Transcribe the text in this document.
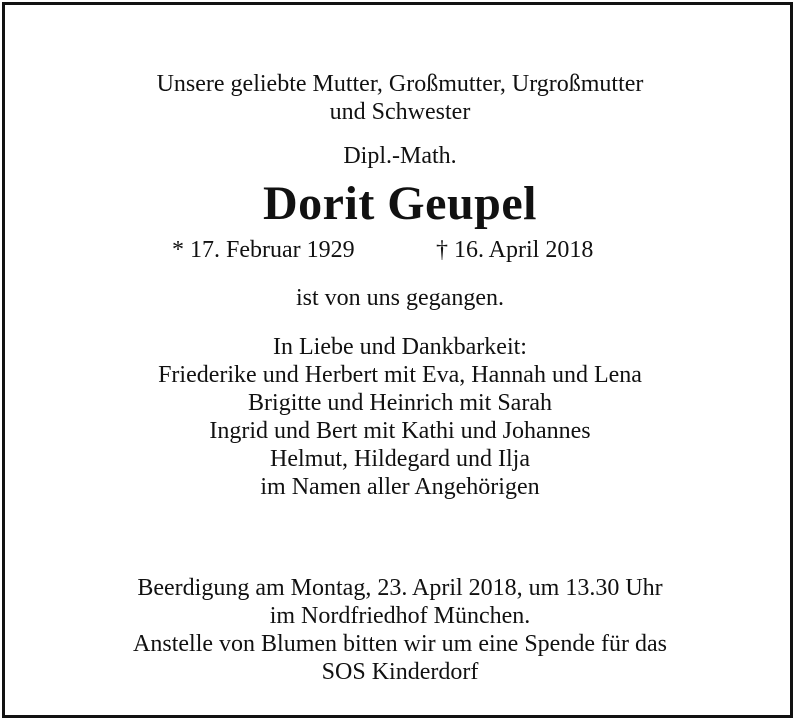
Unsere geliebte Mutter, Großmutter, Urgroßmutter
und Schwester
Dipl.-Math.
Dorit Geupel
* 17. Februar 1929	† 16. April 2018
ist von uns gegangen.
In Liebe und Dankbarkeit:
Friederike und Herbert mit Eva, Hannah und Lena
Brigitte und Heinrich mit Sarah
Ingrid und Bert mit Kathi und Johannes
Helmut, Hildegard und Ilja
im Namen aller Angehörigen
Beerdigung am Montag, 23. April 2018, um 13.30 Uhr
im Nordfriedhof München.
Anstelle von Blumen bitten wir um eine Spende für das
SOS Kinderdorf
